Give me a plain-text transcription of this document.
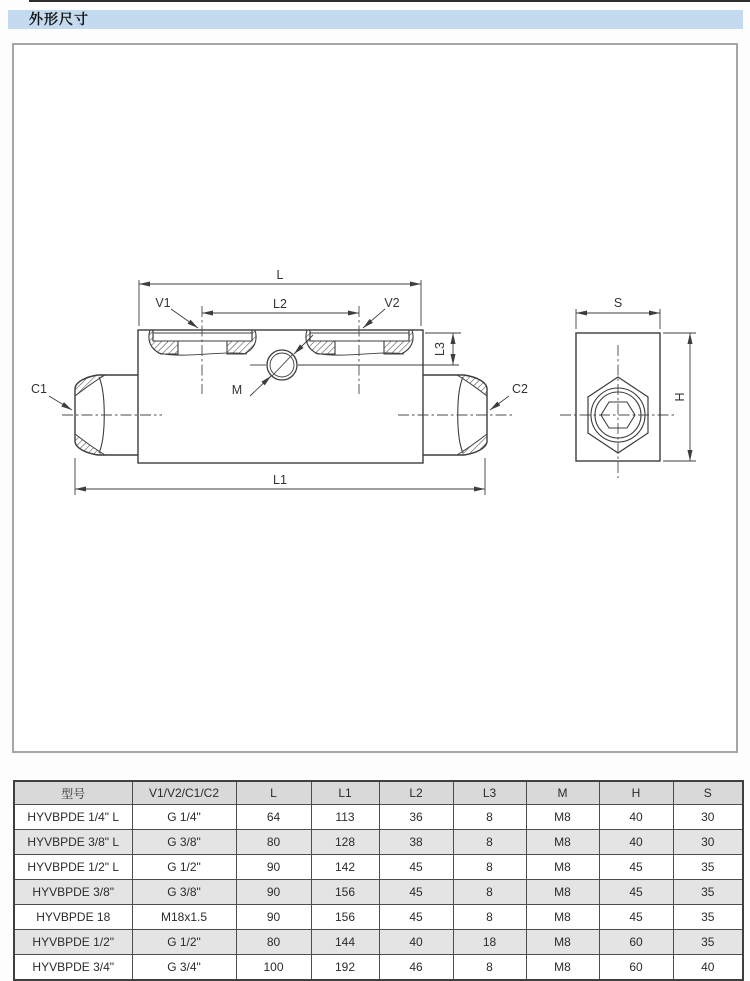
外形尺寸
L
L2
V1	V2
L3
M
C1	C2
L1
S
H
型号	V1/V2/C1/C2	L	L1	L2	L3	M	H	S
HYVBPDE 1/4" L	G 1/4"	64	113	36	8	M8	40	30
HYVBPDE 3/8" L	G 3/8"	80	128	38	8	M8	40	30
HYVBPDE 1/2" L	G 1/2"	90	142	45	8	M8	45	35
HYVBPDE 3/8"	G 3/8"	90	156	45	8	M8	45	35
HYVBPDE 18	M18x1.5	90	156	45	8	M8	45	35
HYVBPDE 1/2"	G 1/2"	80	144	40	18	M8	60	35
HYVBPDE 3/4"	G 3/4"	100	192	46	8	M8	60	40
